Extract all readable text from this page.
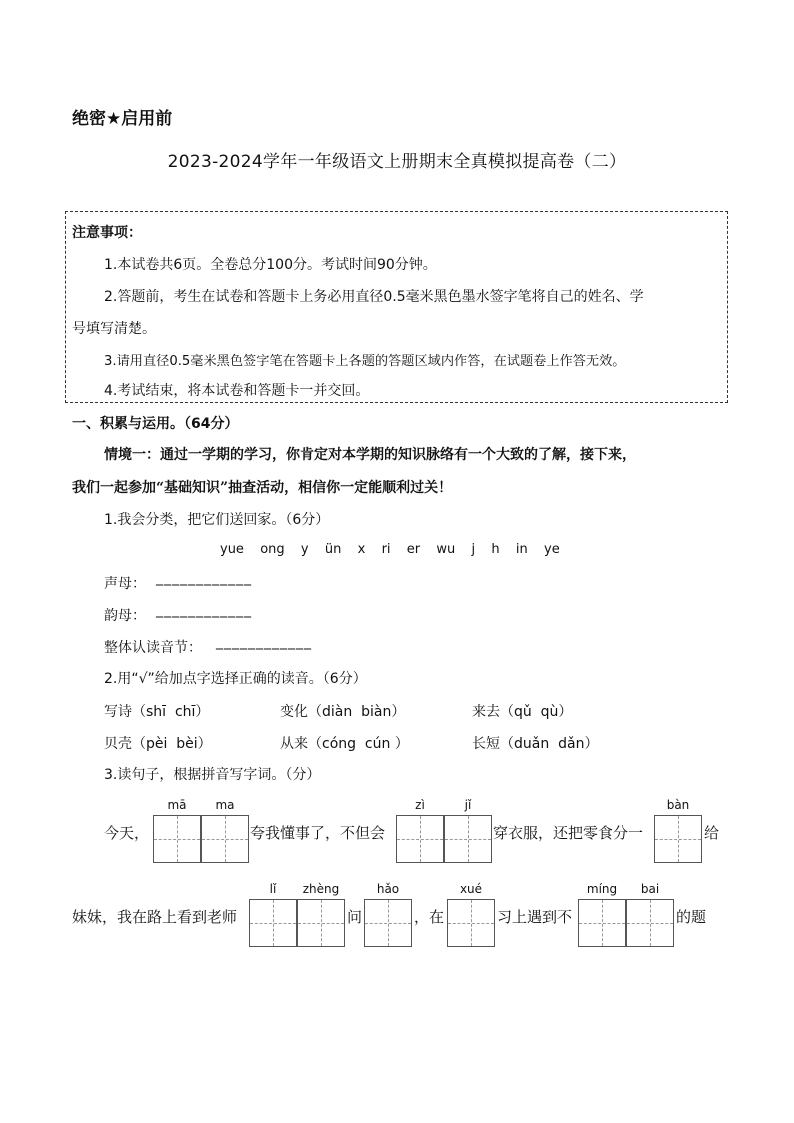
绝密★启用前
2023-2024学年一年级语文上册期末全真模拟提高卷（二）
注意事项：
1.本试卷共6页。全卷总分100分。考试时间90分钟。
2.答题前，考生在试卷和答题卡上务必用直径0.5毫米黑色墨水签字笔将自己的姓名、学
号填写清楚。
3.请用直径0.5毫米黑色签字笔在答题卡上各题的答题区域内作答，在试题卷上作答无效。
4.考试结束，将本试卷和答题卡一并交回。
一、积累与运用。（64分）
情境一：通过一学期的学习，你肯定对本学期的知识脉络有一个大致的了解，接下来，
我们一起参加“基础知识”抽查活动，相信你一定能顺利过关！
1.我会分类，把它们送回家。（6分）
yue  ong  y  ün  x  ri  er  wu  j  h  in  ye
声母： ____________
韵母： ____________
整体认读音节： ____________
2.用“√”给加点字选择正确的读音。（6分）
写诗（shī  chī）	变化（diàn  biàn）	来去（qǔ  qù）
贝壳（pèi  bèi）	从来（cóng  cún ）	长短（duǎn  dǎn）
3.读句子，根据拼音写字词。（分）
mā	ma	zì	jǐ	bàn
今天，	夸我懂事了，不但会	穿衣服，还把零食分一	给
lǐ	zhèng	hǎo	xué	míng	bai
妹妹，我在路上看到老师	问	，在	习上遇到不	的题
